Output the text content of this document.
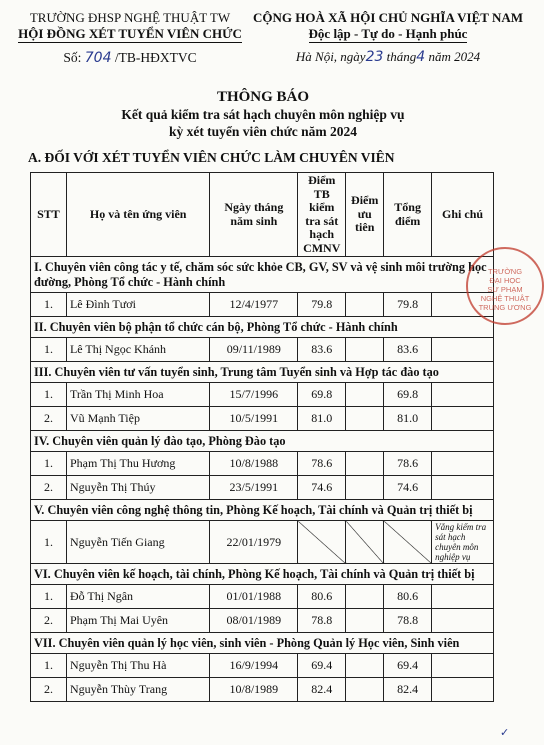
TRƯỜNG ĐHSP NGHỆ THUẬT TW
HỘI ĐỒNG XÉT TUYỂN VIÊN CHỨC
Số: 704 /TB-HĐXTVC
CỘNG HOÀ XÃ HỘI CHỦ NGHĨA VIỆT NAM
Độc lập - Tự do - Hạnh phúc
Hà Nội, ngày23 tháng4 năm 2024
THÔNG BÁO
Kết quả kiểm tra sát hạch chuyên môn nghiệp vụ
kỳ xét tuyển viên chức năm 2024
A. ĐỐI VỚI XÉT TUYỂN VIÊN CHỨC LÀM CHUYÊN VIÊN
STT	Họ và tên ứng viên	Ngày tháng năm sinh	Điểm TB kiểm tra sát hạch CMNV	Điểm ưu tiên	Tổng điểm	Ghi chú
I. Chuyên viên công tác y tế, chăm sóc sức khỏe CB, GV, SV và vệ sinh môi trường học đường, Phòng Tổ chức - Hành chính						
1.	Lê Đình Tươi	12/4/1977	79.8		79.8	
II. Chuyên viên bộ phận tổ chức cán bộ, Phòng Tổ chức - Hành chính						
1.	Lê Thị Ngọc Khánh	09/11/1989	83.6		83.6	
III. Chuyên viên tư vấn tuyển sinh, Trung tâm Tuyển sinh và Hợp tác đào tạo						
1.	Trần Thị Minh Hoa	15/7/1996	69.8		69.8	
2.	Vũ Mạnh Tiệp	10/5/1991	81.0		81.0	
IV. Chuyên viên quản lý đào tạo, Phòng Đào tạo						
1.	Phạm Thị Thu Hương	10/8/1988	78.6		78.6	
2.	Nguyễn Thị Thúy	23/5/1991	74.6		74.6	
V. Chuyên viên công nghệ thông tin, Phòng Kế hoạch, Tài chính và Quản trị thiết bị						
1.	Nguyễn Tiến Giang	22/01/1979				Vắng kiểm tra sát hạch chuyên môn nghiệp vụ
VI. Chuyên viên kế hoạch, tài chính, Phòng Kế hoạch, Tài chính và Quản trị thiết bị						
1.	Đỗ Thị Ngân	01/01/1988	80.6		80.6	
2.	Phạm Thị Mai Uyên	08/01/1989	78.8		78.8	
VII. Chuyên viên quản lý học viên, sinh viên - Phòng Quản lý Học viên, Sinh viên						
1.	Nguyễn Thị Thu Hà	16/9/1994	69.4		69.4	
2.	Nguyễn Thùy Trang	10/8/1989	82.4		82.4	
TRƯỜNG
ĐẠI HỌC
SƯ PHẠM
NGHỆ THUẬT
TRUNG ƯƠNG
✓
